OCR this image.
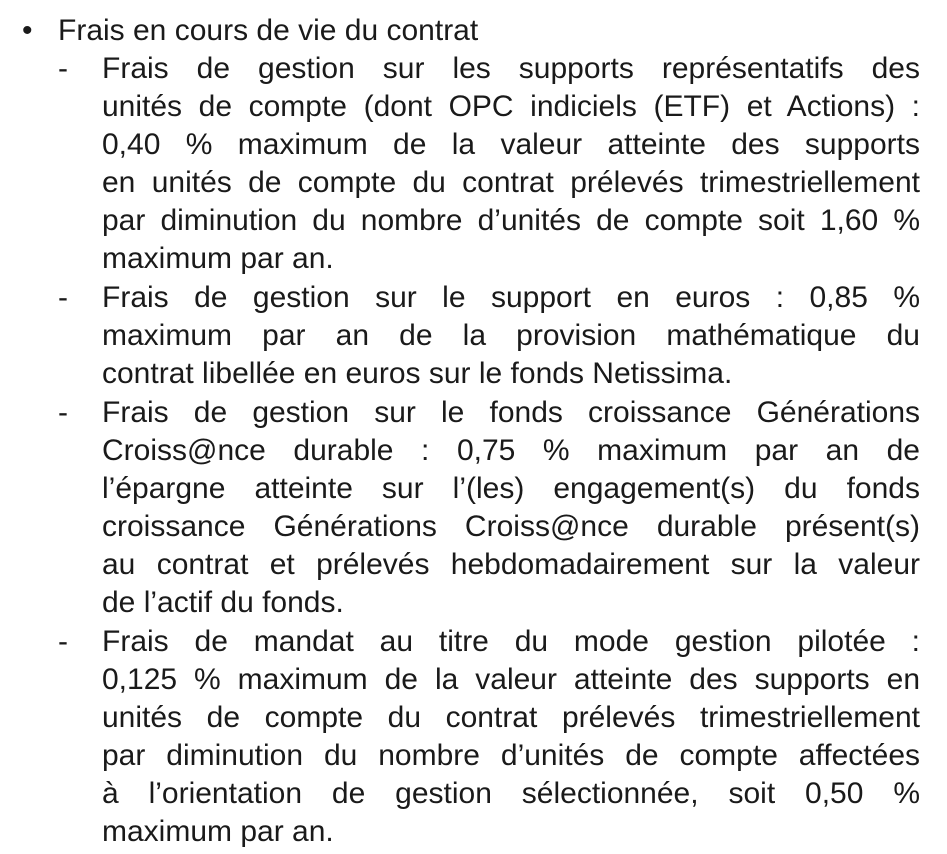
• Frais en cours de vie du contrat
- Frais de gestion sur les supports représentatifs des
unités de compte (dont OPC indiciels (ETF) et Actions) :
0,40 % maximum de la valeur atteinte des supports
en unités de compte du contrat prélevés trimestriellement
par diminution du nombre d’unités de compte soit 1,60 %
maximum par an.
- Frais de gestion sur le support en euros : 0,85 %
maximum par an de la provision mathématique du
contrat libellée en euros sur le fonds Netissima.
- Frais de gestion sur le fonds croissance Générations
Croiss@nce durable : 0,75 % maximum par an de
l’épargne atteinte sur l’(les) engagement(s) du fonds
croissance Générations Croiss@nce durable présent(s)
au contrat et prélevés hebdomadairement sur la valeur
de l’actif du fonds.
- Frais de mandat au titre du mode gestion pilotée :
0,125 % maximum de la valeur atteinte des supports en
unités de compte du contrat prélevés trimestriellement
par diminution du nombre d’unités de compte affectées
à l’orientation de gestion sélectionnée, soit 0,50 %
maximum par an.
